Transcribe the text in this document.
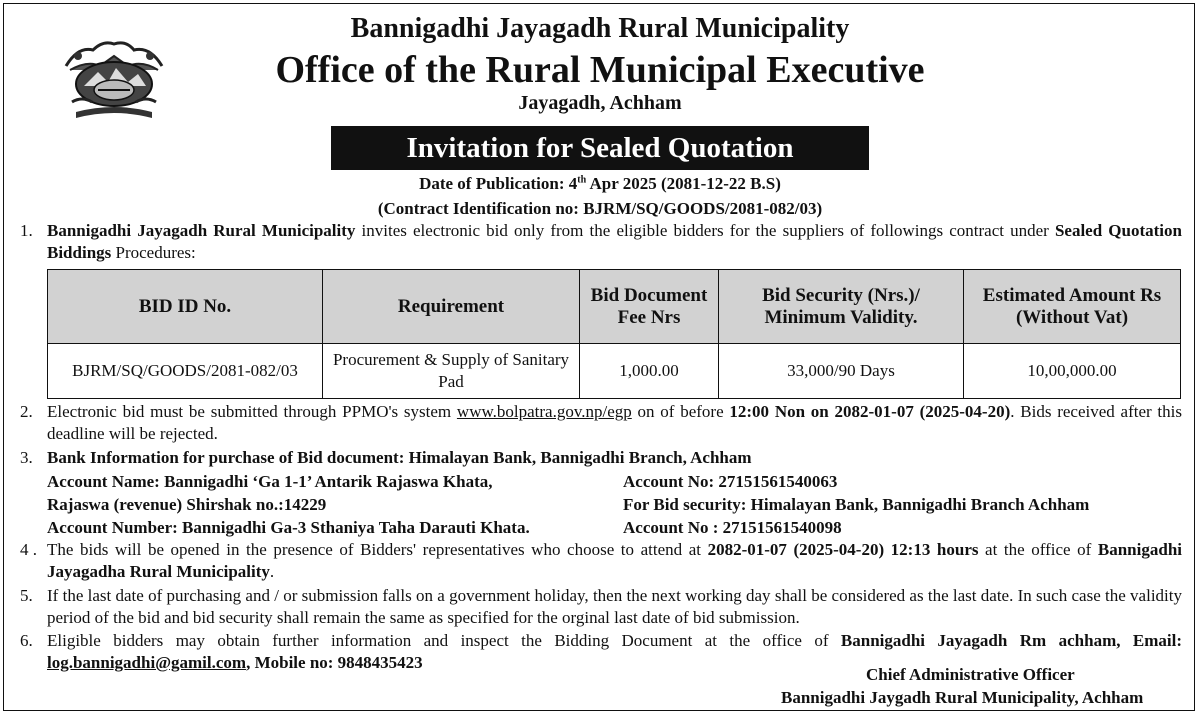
Bannigadhi Jayagadh Rural Municipality
Office of the Rural Municipal Executive
Jayagadh, Achham
Invitation for Sealed Quotation
Date of Publication: 4th Apr 2025 (2081-12-22 B.S)
(Contract Identification no: BJRM/SQ/GOODS/2081-082/03)
1. Bannigadhi Jayagadh Rural Municipality invites electronic bid only from the eligible bidders for the suppliers of followings contract under Sealed Quotation Biddings Procedures:
BID ID No.	Requirement	Bid Document Fee Nrs	Bid Security (Nrs.)/ Minimum Validity.	Estimated Amount Rs (Without Vat)
BJRM/SQ/GOODS/2081-082/03	Procurement & Supply of Sanitary Pad	1,000.00	33,000/90 Days	10,00,000.00
2. Electronic bid must be submitted through PPMO's system www.bolpatra.gov.np/egp on of before 12:00 Non on 2082-01-07 (2025-04-20). Bids received after this deadline will be rejected.
3. Bank Information for purchase of Bid document: Himalayan Bank, Bannigadhi Branch, Achham
Account Name: Bannigadhi ‘Ga 1-1’ Antarik Rajaswa Khata,
Rajaswa (revenue) Shirshak no.:14229
Account Number: Bannigadhi Ga-3 Sthaniya Taha Darauti Khata.
Account No: 27151561540063
For Bid security: Himalayan Bank, Bannigadhi Branch Achham
Account No : 27151561540098
4 . The bids will be opened in the presence of Bidders' representatives who choose to attend at 2082-01-07 (2025-04-20) 12:13 hours at the office of Bannigadhi Jayagadha Rural Municipality.
5. If the last date of purchasing and / or submission falls on a government holiday, then the next working day shall be considered as the last date. In such case the validity period of the bid and bid security shall remain the same as specified for the orginal last date of bid submission.
6. Eligible bidders may obtain further information and inspect the Bidding Document at the office of Bannigadhi Jayagadh Rm achham, Email: log.bannigadhi@gamil.com, Mobile no: 9848435423
Chief Administrative Officer
Bannigadhi Jaygadh Rural Municipality, Achham
